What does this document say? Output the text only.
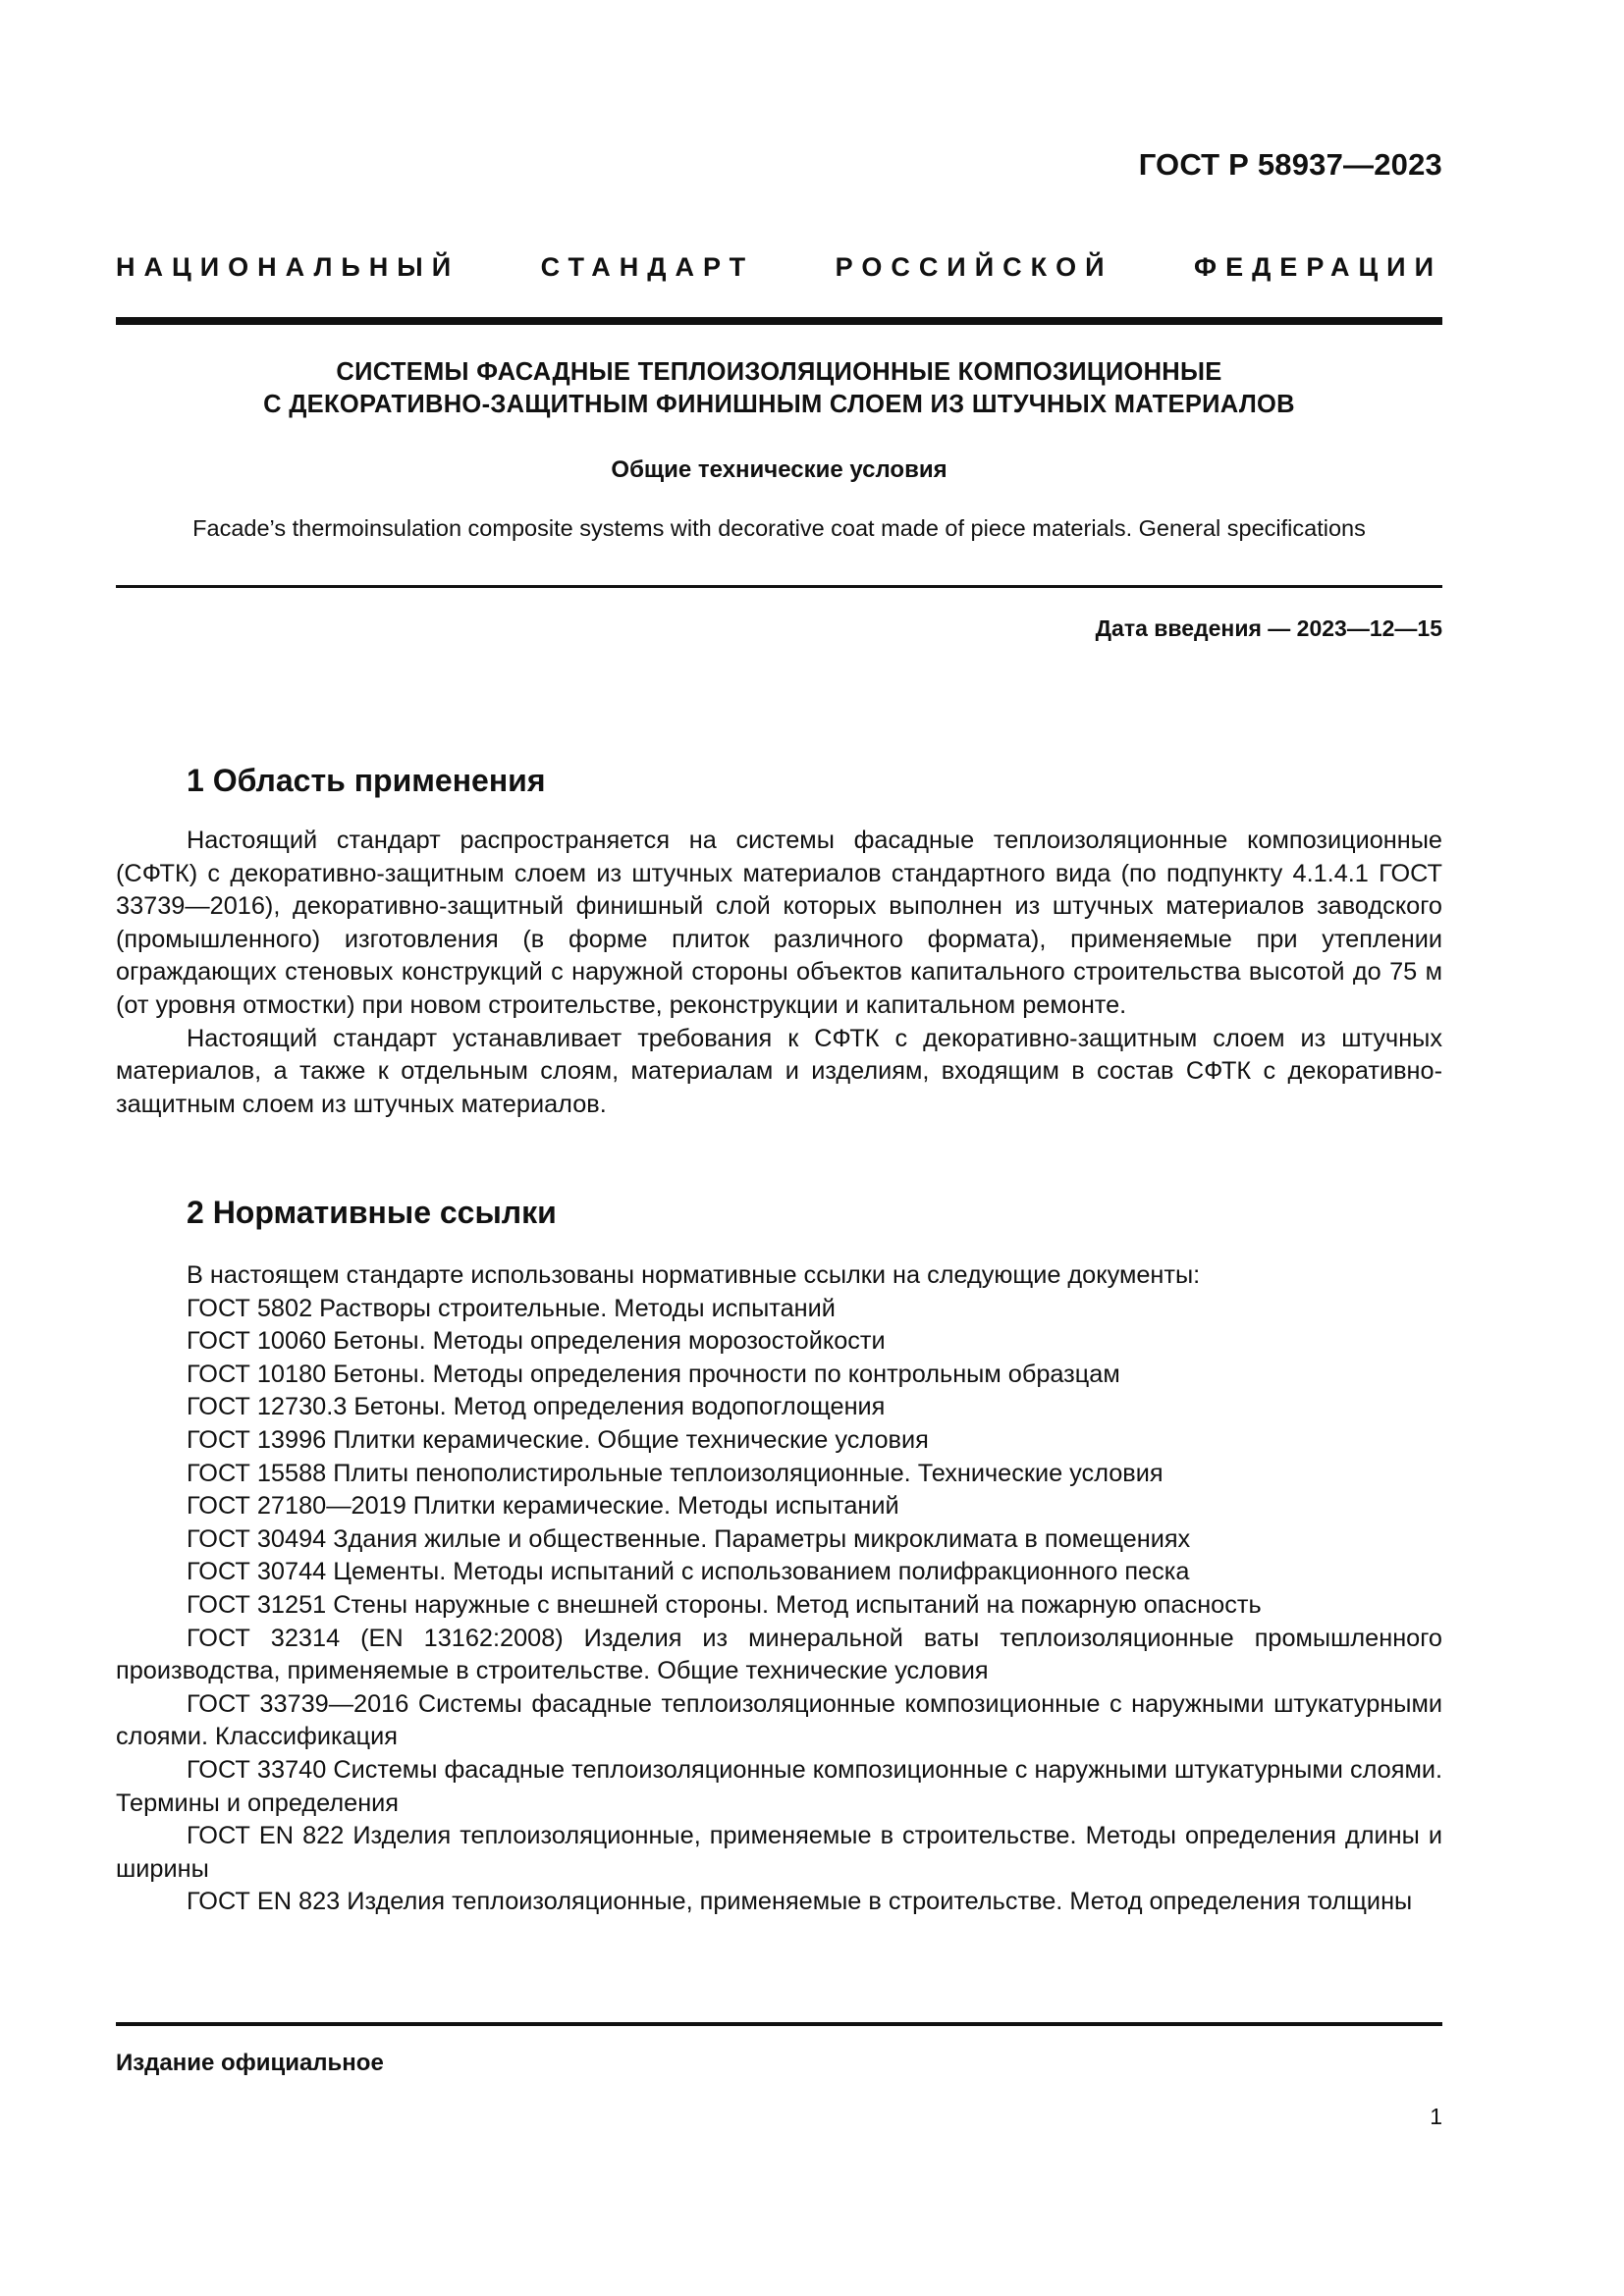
ГОСТ Р 58937—2023
НАЦИОНАЛЬНЫЙ СТАНДАРТ РОССИЙСКОЙ ФЕДЕРАЦИИ
СИСТЕМЫ ФАСАДНЫЕ ТЕПЛОИЗОЛЯЦИОННЫЕ КОМПОЗИЦИОННЫЕ
С ДЕКОРАТИВНО-ЗАЩИТНЫМ ФИНИШНЫМ СЛОЕМ ИЗ ШТУЧНЫХ МАТЕРИАЛОВ
Общие технические условия
Facade’s thermoinsulation composite systems with decorative coat made of piece materials. General specifications
Дата введения — 2023—12—15
1 Область применения

Настоящий стандарт распространяется на системы фасадные теплоизоляционные композиционные (СФТК) с декоративно-защитным слоем из штучных материалов стандартного вида (по подпункту 4.1.4.1 ГОСТ 33739—2016), декоративно-защитный финишный слой которых выполнен из штучных материалов заводского (промышленного) изготовления (в форме плиток различного формата), применяемые при утеплении ограждающих стеновых конструкций с наружной стороны объектов капитального строительства высотой до 75 м (от уровня отмостки) при новом строительстве, реконструкции и капитальном ремонте.

Настоящий стандарт устанавливает требования к СФТК с декоративно-защитным слоем из штучных материалов, а также к отдельным слоям, материалам и изделиям, входящим в состав СФТК с декоративно-защитным слоем из штучных материалов.

2 Нормативные ссылки

В настоящем стандарте использованы нормативные ссылки на следующие документы:

ГОСТ 5802 Растворы строительные. Методы испытаний

ГОСТ 10060 Бетоны. Методы определения морозостойкости

ГОСТ 10180 Бетоны. Методы определения прочности по контрольным образцам

ГОСТ 12730.3 Бетоны. Метод определения водопоглощения

ГОСТ 13996 Плитки керамические. Общие технические условия

ГОСТ 15588 Плиты пенополистирольные теплоизоляционные. Технические условия

ГОСТ 27180—2019 Плитки керамические. Методы испытаний

ГОСТ 30494 Здания жилые и общественные. Параметры микроклимата в помещениях

ГОСТ 30744 Цементы. Методы испытаний с использованием полифракционного песка

ГОСТ 31251 Стены наружные с внешней стороны. Метод испытаний на пожарную опасность

ГОСТ 32314 (EN 13162:2008) Изделия из минеральной ваты теплоизоляционные промышленного производства, применяемые в строительстве. Общие технические условия

ГОСТ 33739—2016 Системы фасадные теплоизоляционные композиционные с наружными штукатурными слоями. Классификация

ГОСТ 33740 Системы фасадные теплоизоляционные композиционные с наружными штукатурными слоями. Термины и определения

ГОСТ EN 822 Изделия теплоизоляционные, применяемые в строительстве. Методы определения длины и ширины

ГОСТ EN 823 Изделия теплоизоляционные, применяемые в строительстве. Метод определения толщины

Издание официальное
1
